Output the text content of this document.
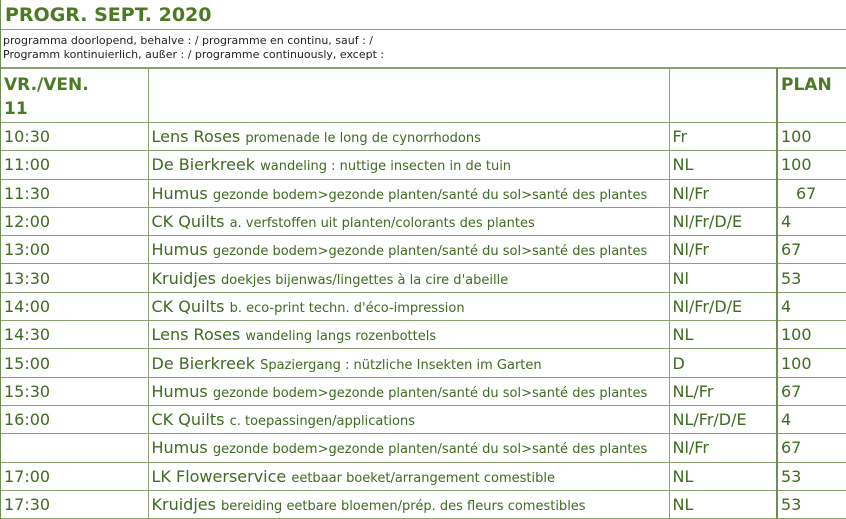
PROGR. SEPT. 2020
programma doorlopend, behalve : / programme en continu, sauf : /
Programm kontinuierlich, außer : / programme continuously, except :
VR./VEN.
11			PLAN
10:30	Lens Roses promenade le long de cynorrhodons	Fr	100
11:00	De Bierkreek wandeling : nuttige insecten in de tuin	NL	100
11:30	Humus gezonde bodem>gezonde planten/santé du sol>santé des plantes	Nl/Fr	67
12:00	CK Quilts a. verfstoffen uit planten/colorants des plantes	Nl/Fr/D/E	4
13:00	Humus gezonde bodem>gezonde planten/santé du sol>santé des plantes	Nl/Fr	67
13:30	Kruidjes doekjes bijenwas/lingettes à la cire d'abeille	Nl	53
14:00	CK Quilts b. eco-print techn. d'éco-impression	Nl/Fr/D/E	4
14:30	Lens Roses wandeling langs rozenbottels	NL	100
15:00	De Bierkreek Spaziergang : nützliche Insekten im Garten	D	100
15:30	Humus gezonde bodem>gezonde planten/santé du sol>santé des plantes	NL/Fr	67
16:00	CK Quilts c. toepassingen/applications	NL/Fr/D/E	4
	Humus gezonde bodem>gezonde planten/santé du sol>santé des plantes	Nl/Fr	67
17:00	LK Flowerservice eetbaar boeket/arrangement comestible	NL	53
17:30	Kruidjes bereiding eetbare bloemen/prép. des fleurs comestibles	NL	53
